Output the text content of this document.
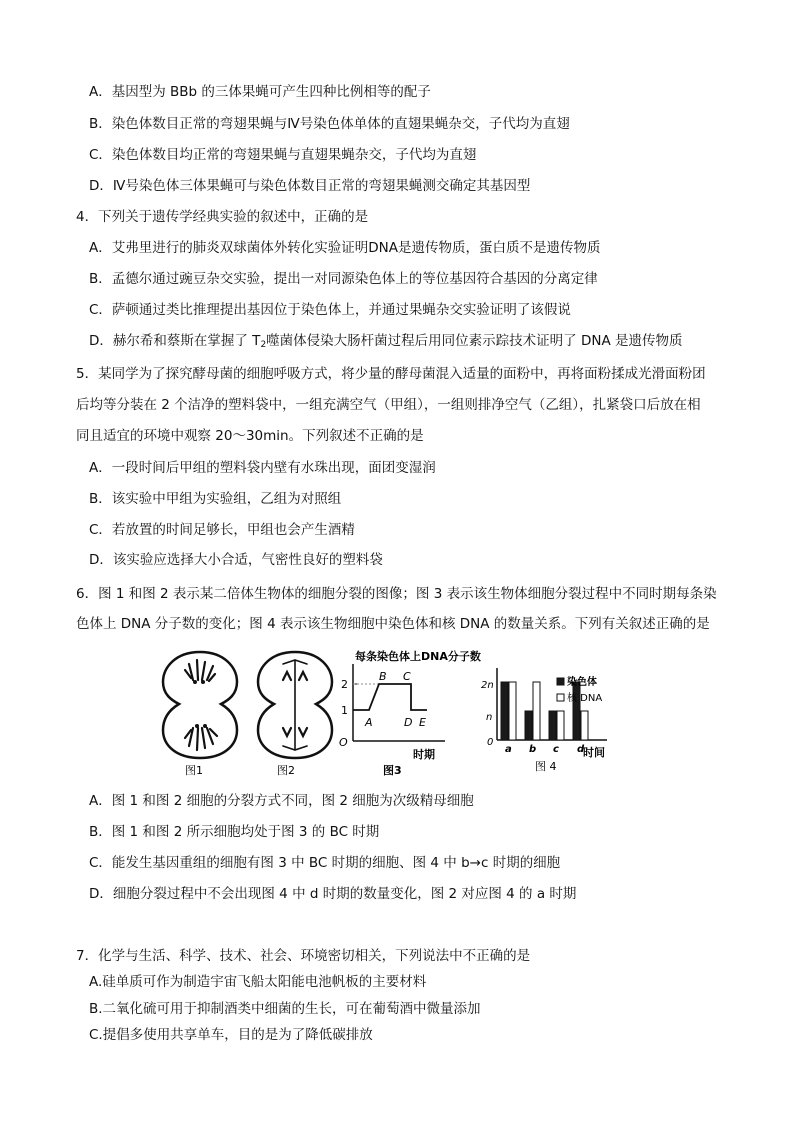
A．基因型为 BBb 的三体果蝇可产生四种比例相等的配子
B．染色体数目正常的弯翅果蝇与Ⅳ号染色体单体的直翅果蝇杂交，子代均为直翅
C．染色体数目均正常的弯翅果蝇与直翅果蝇杂交，子代均为直翅
D．Ⅳ号染色体三体果蝇可与染色体数目正常的弯翅果蝇测交确定其基因型
4．下列关于遗传学经典实验的叙述中，正确的是
A．艾弗里进行的肺炎双球菌体外转化实验证明DNA是遗传物质，蛋白质不是遗传物质
B．孟德尔通过豌豆杂交实验，提出一对同源染色体上的等位基因符合基因的分离定律
C．萨顿通过类比推理提出基因位于染色体上，并通过果蝇杂交实验证明了该假说
D．赫尔希和蔡斯在掌握了 $T_2$噬菌体侵染大肠杆菌过程后用同位素示踪技术证明了 DNA 是遗传物质
5．某同学为了探究酵母菌的细胞呼吸方式，将少量的酵母菌混入适量的面粉中，再将面粉揉成光滑面粉团
后均等分装在 2 个洁净的塑料袋中，一组充满空气（甲组），一组则排净空气（乙组），扎紧袋口后放在相
同且适宜的环境中观察 20～30min。下列叙述不正确的是
A．一段时间后甲组的塑料袋内壁有水珠出现，面团变湿润
B．该实验中甲组为实验组，乙组为对照组
C．若放置的时间足够长，甲组也会产生酒精
D．该实验应选择大小合适，气密性良好的塑料袋
6．图 1 和图 2 表示某二倍体生物体的细胞分裂的图像；图 3 表示该生物体细胞分裂过程中不同时期每条染
色体上 DNA 分子数的变化；图 4 表示该生物细胞中染色体和核 DNA 的数量关系。下列有关叙述正确的是
图1	图2
每条染色体上DNA分子数
2
1
O
A
B C
D E
时期
图3
2n
n
0
a b c d
染色体
核 DNA
时间
图 4
A．图 1 和图 2 细胞的分裂方式不同，图 2 细胞为次级精母细胞
B．图 1 和图 2 所示细胞均处于图 3 的 BC 时期
C．能发生基因重组的细胞有图 3 中 BC 时期的细胞、图 4 中 b→c 时期的细胞
D．细胞分裂过程中不会出现图 4 中 d 时期的数量变化，图 2 对应图 4 的 a 时期
7．化学与生活、科学、技术、社会、环境密切相关，下列说法中不正确的是
A.硅单质可作为制造宇宙飞船太阳能电池帆板的主要材料
B.二氧化硫可用于抑制酒类中细菌的生长，可在葡萄酒中微量添加
C.提倡多使用共享单车，目的是为了降低碳排放
